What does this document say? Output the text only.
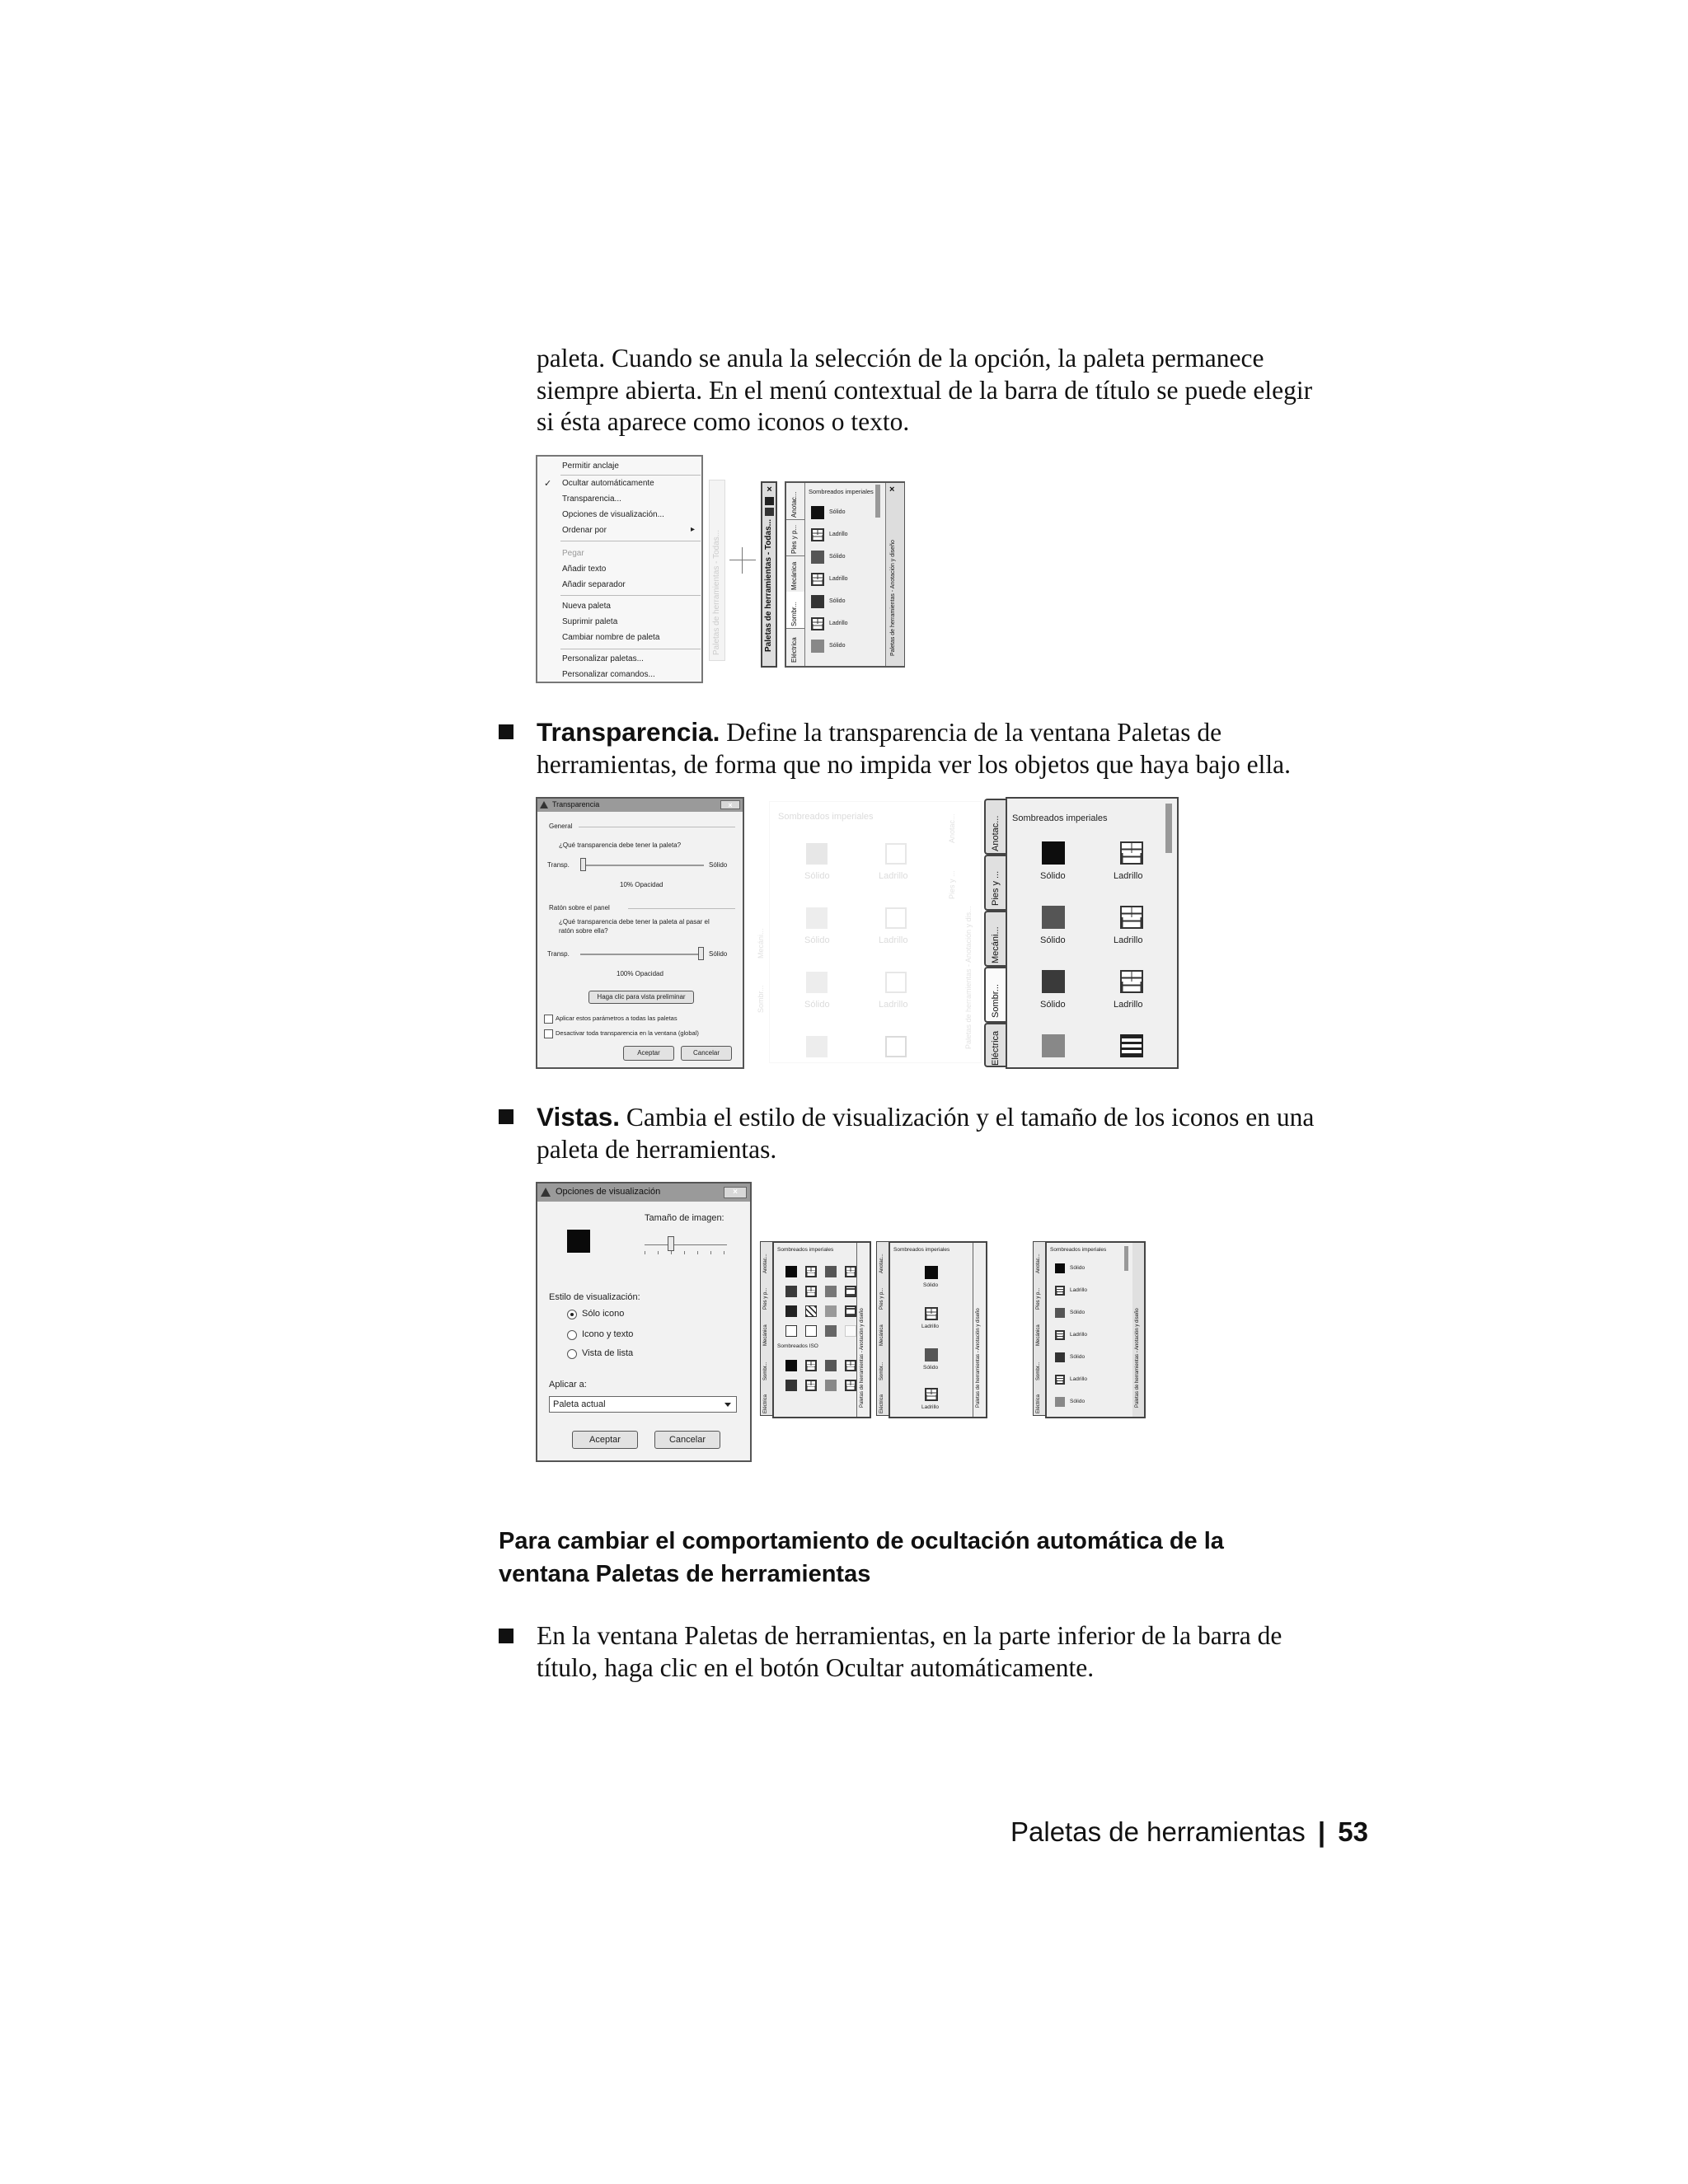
paleta. Cuando se anula la selección de la opción, la paleta permanece
siempre abierta. En el menú contextual de la barra de título se puede elegir
si ésta aparece como iconos o texto.
Permitir anclaje
✓ Ocultar automáticamente
Transparencia...
Opciones de visualización...
Ordenar por	▸
Pegar
Añadir texto
Añadir separador
Nueva paleta
Suprimir paleta
Cambiar nombre de paleta
Personalizar paletas...
Personalizar comandos...
Paletas de herramientas - Todas...
×
Paletas de herramientas - Todas...
Anotac...
Pies y p...
Mecánica
Sombr...
Eléctrica
Sombreados imperiales
Sólido
Ladrillo
Sólido
Ladrillo
Sólido
Ladrillo
Sólido
×
Paletas de herramientas - Anotación y diseño
Transparencia. Define la transparencia de la ventana Paletas de
herramientas, de forma que no impida ver los objetos que haya bajo ella.
Transparencia	×
General
¿Qué transparencia debe tener la paleta?
Transp.	Sólido
10% Opacidad
Ratón sobre el panel
¿Qué transparencia debe tener la paleta al pasar el
ratón sobre ella?
Transp.	Sólido
100% Opacidad
Haga clic para vista preliminar
Aplicar estos parámetros a todas las paletas
Desactivar toda transparencia en la ventana (global)
Aceptar	Cancelar
Sombreados imperiales
Sólido	Ladrillo
Sólido	Ladrillo
Sólido	Ladrillo	Paletas de herramientas - Anotación y dis...
Anotac...
Pies y ...
Mecáni...
Sombr...
Anotac...
Pies y ...
Mecáni...
Sombr...
Eléctrica
Sombreados imperiales
Sólido	Ladrillo
Sólido	Ladrillo
Sólido	Ladrillo
Vistas. Cambia el estilo de visualización y el tamaño de los iconos en una
paleta de herramientas.
Opciones de visualización	×
Tamaño de imagen:
Estilo de visualización:
Sólo icono
Icono y texto
Vista de lista
Aplicar a:
Paleta actual
Aceptar	Cancelar
Anotac...
Pies y p...
Mecánica
Sombr...
Eléctrica
Sombreados imperiales
Sombreados ISO	Paletas de herramientas - Anotación y diseño
Anotac...
Pies y p...
Mecánica
Sombr...
Eléctrica
Sombreados imperiales
Sólido
Ladrillo
Sólido
Ladrillo	Paletas de herramientas - Anotación y diseño
Anotac...
Pies y p...
Mecánica
Sombr...
Eléctrica
Sombreados imperiales
Sólido
Ladrillo
Sólido
Ladrillo
Sólido
Ladrillo
Sólido	Paletas de herramientas - Anotación y diseño
Para cambiar el comportamiento de ocultación automática de la
ventana Paletas de herramientas
En la ventana Paletas de herramientas, en la parte inferior de la barra de
título, haga clic en el botón Ocultar automáticamente.
Paletas de herramientas | 53
